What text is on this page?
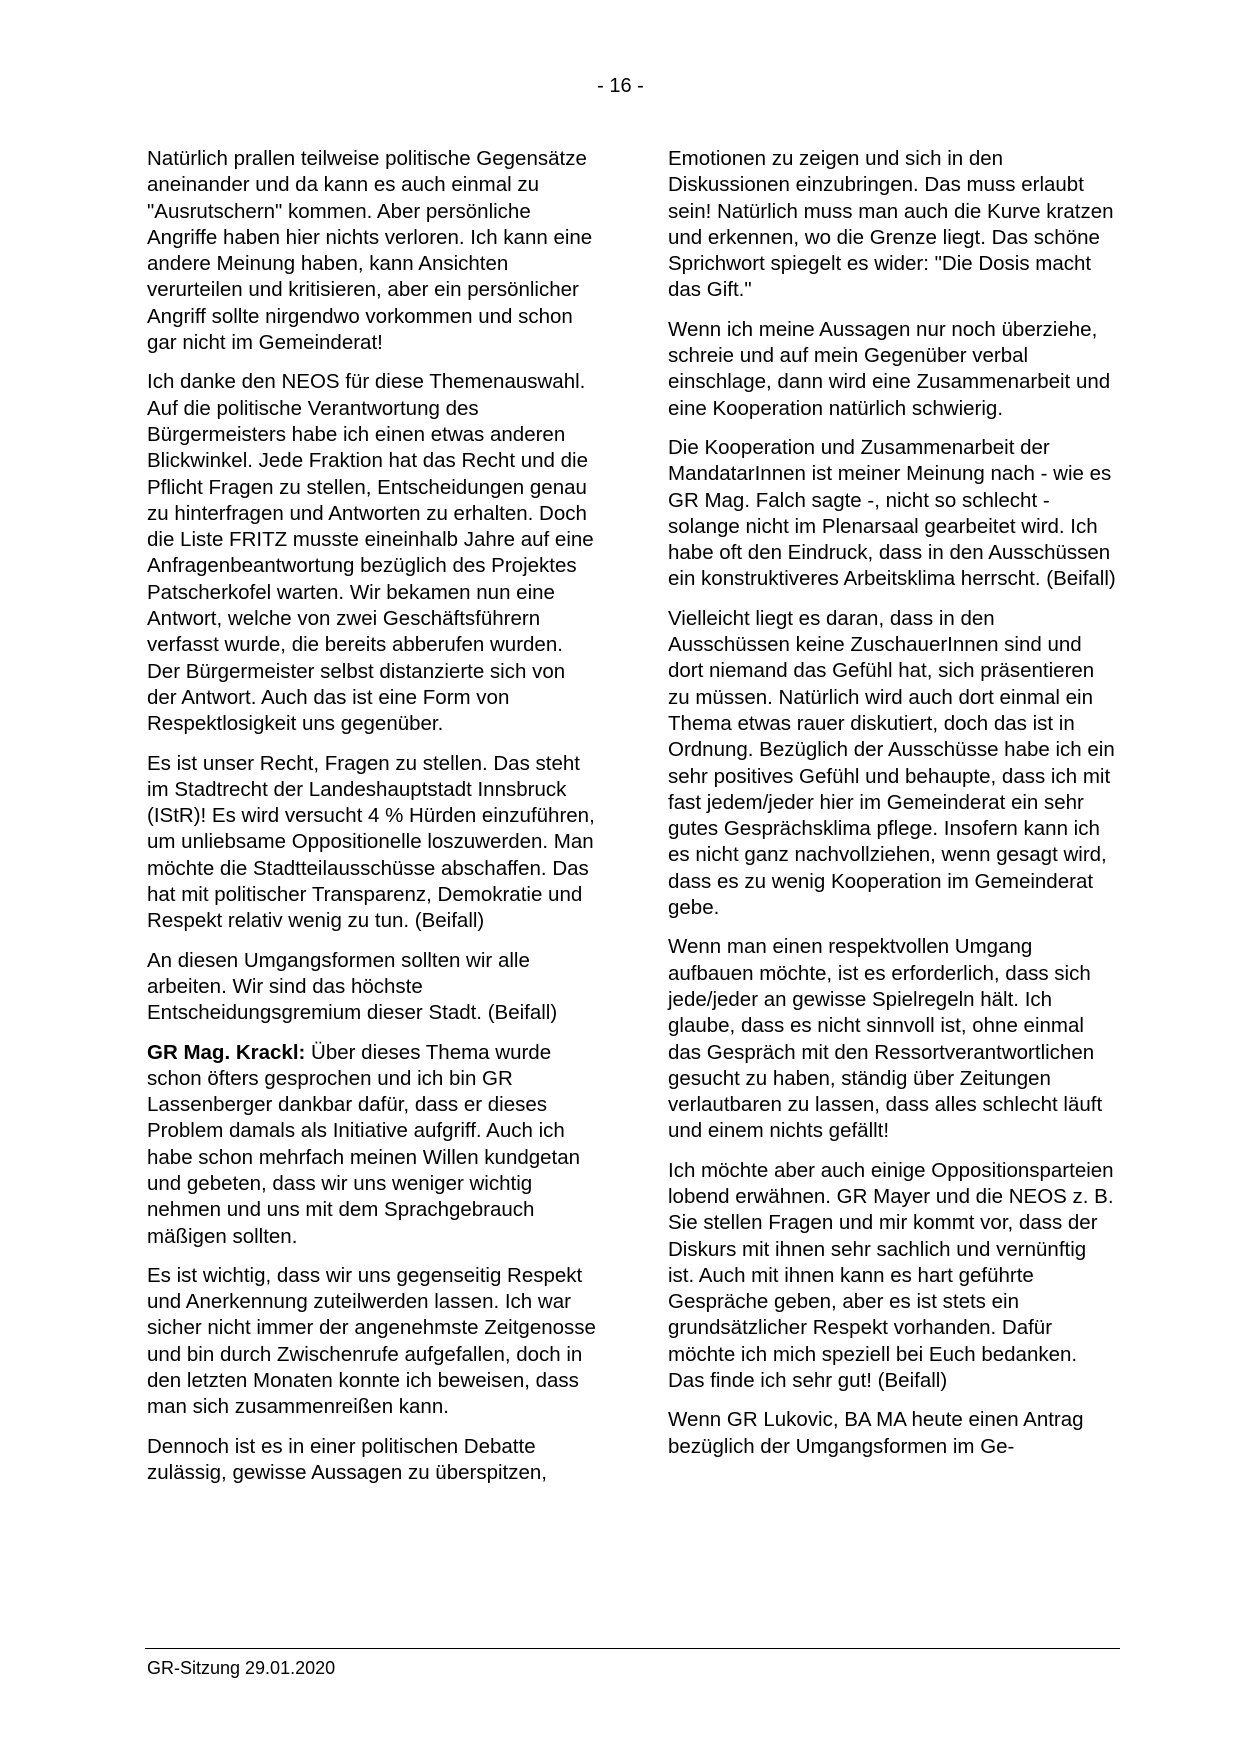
- 16 -

Natürlich prallen teilweise politische Gegensätze aneinander und da kann es auch einmal zu "Ausrutschern" kommen. Aber persönliche Angriffe haben hier nichts verloren. Ich kann eine andere Meinung haben, kann Ansichten verurteilen und kritisieren, aber ein persönlicher Angriff sollte nirgendwo vorkommen und schon gar nicht im Gemeinderat!

Ich danke den NEOS für diese Themenauswahl. Auf die politische Verantwortung des Bürgermeisters habe ich einen etwas anderen Blickwinkel. Jede Fraktion hat das Recht und die Pflicht Fragen zu stellen, Entscheidungen genau zu hinterfragen und Antworten zu erhalten. Doch die Liste FRITZ musste eineinhalb Jahre auf eine Anfragenbeantwortung bezüglich des Projektes Patscherkofel warten. Wir bekamen nun eine Antwort, welche von zwei Geschäftsführern verfasst wurde, die bereits abberufen wurden. Der Bürgermeister selbst distanzierte sich von der Antwort. Auch das ist eine Form von Respektlosigkeit uns gegenüber.

Es ist unser Recht, Fragen zu stellen. Das steht im Stadtrecht der Landeshauptstadt Innsbruck (IStR)! Es wird versucht 4 % Hürden einzuführen, um unliebsame Oppositionelle loszuwerden. Man möchte die Stadtteilausschüsse abschaffen. Das hat mit politischer Transparenz, Demokratie und Respekt relativ wenig zu tun. (Beifall)

An diesen Umgangsformen sollten wir alle arbeiten. Wir sind das höchste Entscheidungsgremium dieser Stadt. (Beifall)

GR Mag. Krackl: Über dieses Thema wurde schon öfters gesprochen und ich bin GR Lassenberger dankbar dafür, dass er dieses Problem damals als Initiative aufgriff. Auch ich habe schon mehrfach meinen Willen kundgetan und gebeten, dass wir uns weniger wichtig nehmen und uns mit dem Sprachgebrauch mäßigen sollten.

Es ist wichtig, dass wir uns gegenseitig Respekt und Anerkennung zuteilwerden lassen. Ich war sicher nicht immer der angenehmste Zeitgenosse und bin durch Zwischenrufe aufgefallen, doch in den letzten Monaten konnte ich beweisen, dass man sich zusammenreißen kann.

Dennoch ist es in einer politischen Debatte zulässig, gewisse Aussagen zu überspitzen,

Emotionen zu zeigen und sich in den Diskussionen einzubringen. Das muss erlaubt sein! Natürlich muss man auch die Kurve kratzen und erkennen, wo die Grenze liegt. Das schöne Sprichwort spiegelt es wider: "Die Dosis macht das Gift."

Wenn ich meine Aussagen nur noch überziehe, schreie und auf mein Gegenüber verbal einschlage, dann wird eine Zusammenarbeit und eine Kooperation natürlich schwierig.

Die Kooperation und Zusammenarbeit der MandatarInnen ist meiner Meinung nach - wie es GR Mag. Falch sagte -, nicht so schlecht - solange nicht im Plenarsaal gearbeitet wird. Ich habe oft den Eindruck, dass in den Ausschüssen ein konstruktiveres Arbeitsklima herrscht. (Beifall)

Vielleicht liegt es daran, dass in den Ausschüssen keine ZuschauerInnen sind und dort niemand das Gefühl hat, sich präsentieren zu müssen. Natürlich wird auch dort einmal ein Thema etwas rauer diskutiert, doch das ist in Ordnung. Bezüglich der Ausschüsse habe ich ein sehr positives Gefühl und behaupte, dass ich mit fast jedem/jeder hier im Gemeinderat ein sehr gutes Gesprächsklima pflege. Insofern kann ich es nicht ganz nachvollziehen, wenn gesagt wird, dass es zu wenig Kooperation im Gemeinderat gebe.

Wenn man einen respektvollen Umgang aufbauen möchte, ist es erforderlich, dass sich jede/jeder an gewisse Spielregeln hält. Ich glaube, dass es nicht sinnvoll ist, ohne einmal das Gespräch mit den Ressortverantwortlichen gesucht zu haben, ständig über Zeitungen verlautbaren zu lassen, dass alles schlecht läuft und einem nichts gefällt!

Ich möchte aber auch einige Oppositionsparteien lobend erwähnen. GR Mayer und die NEOS z. B. Sie stellen Fragen und mir kommt vor, dass der Diskurs mit ihnen sehr sachlich und vernünftig ist. Auch mit ihnen kann es hart geführte Gespräche geben, aber es ist stets ein grundsätzlicher Respekt vorhanden. Dafür möchte ich mich speziell bei Euch bedanken. Das finde ich sehr gut! (Beifall)

Wenn GR Lukovic, BA MA heute einen Antrag bezüglich der Umgangsformen im Ge-

GR-Sitzung 29.01.2020
